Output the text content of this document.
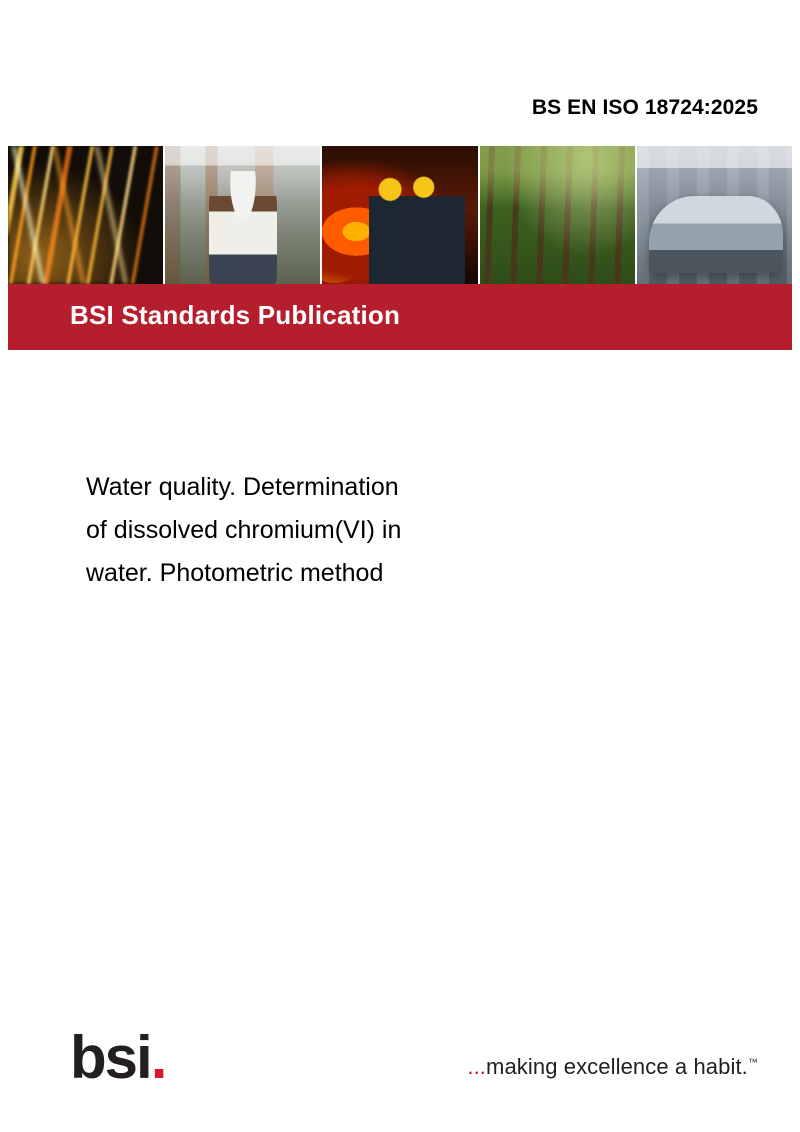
BS EN ISO 18724:2025
BSI Standards Publication
Water quality. Determination
of dissolved chromium(VI) in
water. Photometric method
bsi.	...making excellence a habit.™
